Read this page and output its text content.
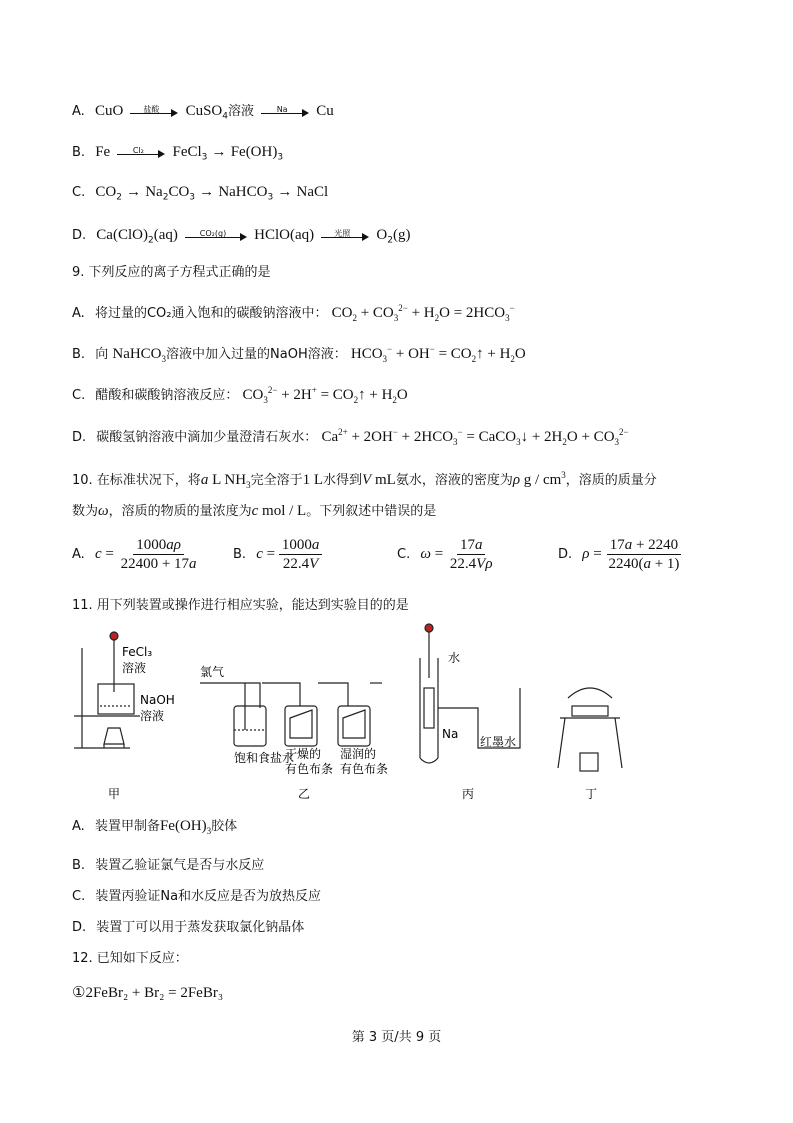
A. CuO	盐酸	CuSO$_4$溶液	Na	Cu
B. Fe	Cl₂	FeCl$_3$ → $Fe(OH)_3$
C. $CO_2 \to Na_2CO_3$ → NaHCO$_3$ → NaCl
D. $Ca(ClO)_2(aq)$	CO₂(g)	HClO(aq)	光照	$O_2(g)$
9. 下列反应的离子方程式正确的是
A. 将过量的CO₂通入饱和的碳酸钠溶液中： $CO_2 + CO_3^{2-} + H_2O = 2HCO_3^-$
B. 向 NaHCO$_3$溶液中加入过量的NaOH溶液： $HCO_3^- + OH^-$ = $CO_2↑ + H_2O$
C. 醋酸和碳酸钠溶液反应： $CO_3^{2-} + 2H^+$ = $CO_2↑ + H_2O$
D. 碳酸氢钠溶液中滴加少量澄清石灰水： $Ca^{2+} + 2OH^- + 2HCO_3^-$ = CaCO$_3$↓ + $2H_2O + CO_3^{2-}$
10. 在标准状况下，将a L $NH_3$完全溶于1 L水得到V mL氨水，溶液的密度为ρ g / $cm^3$，溶质的质量分
数为ω，溶质的物质的量浓度为c mol / L。下列叙述中错误的是
A. $c = \frac{1000a\rho}{22400 + 17a}$	B. $c = \frac{1000a}{22.4V}$	C. $\omega = \frac{17a}{22.4V\rho}$	D. $\rho = \frac{17a + 2240}{2240(a + 1)}$
11. 用下列装置或操作进行相应实验，能达到实验目的的是
FeCl₃
溶液
NaOH
溶液
氯气
饱和食盐水
干燥的
有色布条
湿润的
有色布条
水
Na
红墨水
甲	乙	丙	丁
A. 装置甲制备$Fe(OH)_3$胶体
B. 装置乙验证氯气是否与水反应
C. 装置丙验证Na和水反应是否为放热反应
D. 装置丁可以用于蒸发获取氯化钠晶体
12. 已知如下反应：
①2FeBr₂ + Br₂ = 2FeBr₃
第 3 页/共 9 页
